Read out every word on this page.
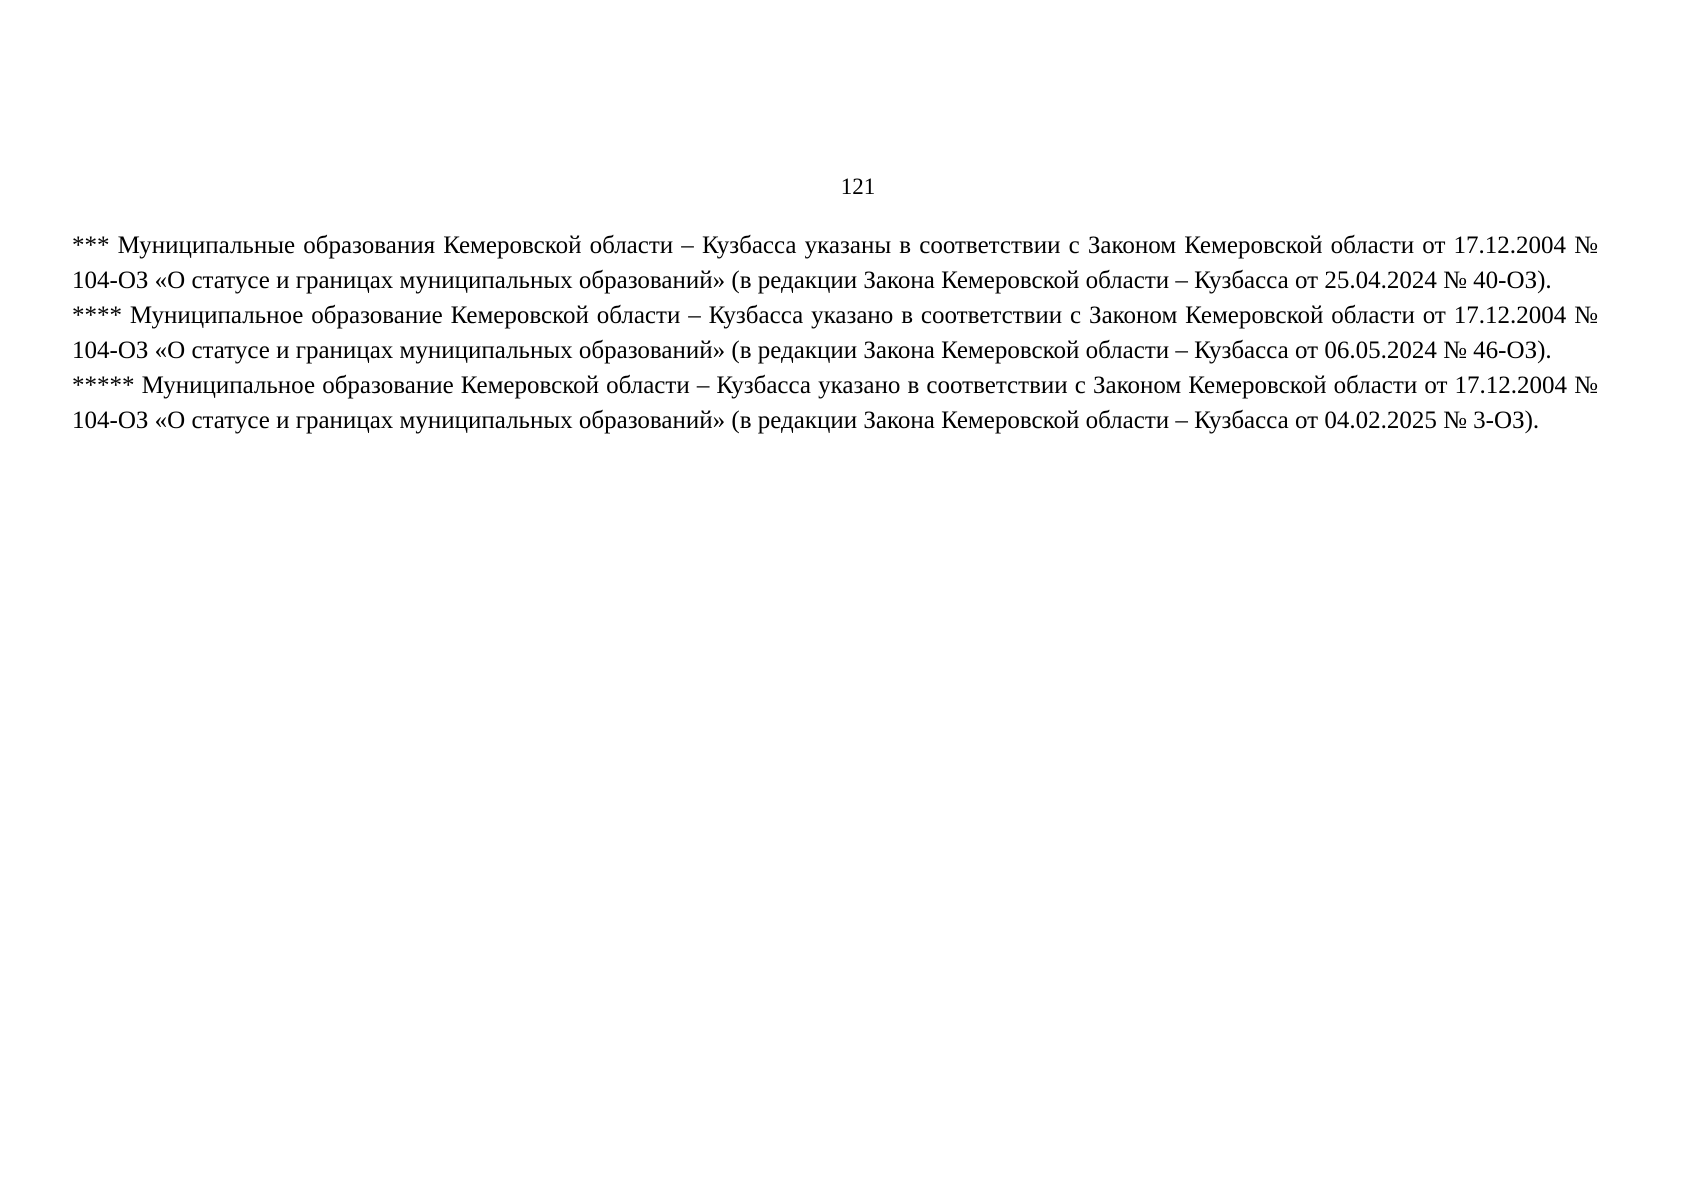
121

*** Муниципальные образования Кемеровской области – Кузбасса указаны в соответствии с Законом Кемеровской области от 17.12.2004 № 104-ОЗ «О статусе и границах муниципальных образований» (в редакции Закона Кемеровской области – Кузбасса от 25.04.2024 № 40-ОЗ).

**** Муниципальное образование Кемеровской области – Кузбасса указано в соответствии с Законом Кемеровской области от 17.12.2004 № 104-ОЗ «О статусе и границах муниципальных образований» (в редакции Закона Кемеровской области – Кузбасса от 06.05.2024 № 46-ОЗ).

***** Муниципальное образование Кемеровской области – Кузбасса указано в соответствии с Законом Кемеровской области от 17.12.2004 № 104-ОЗ «О статусе и границах муниципальных образований» (в редакции Закона Кемеровской области – Кузбасса от 04.02.2025 № 3-ОЗ).
